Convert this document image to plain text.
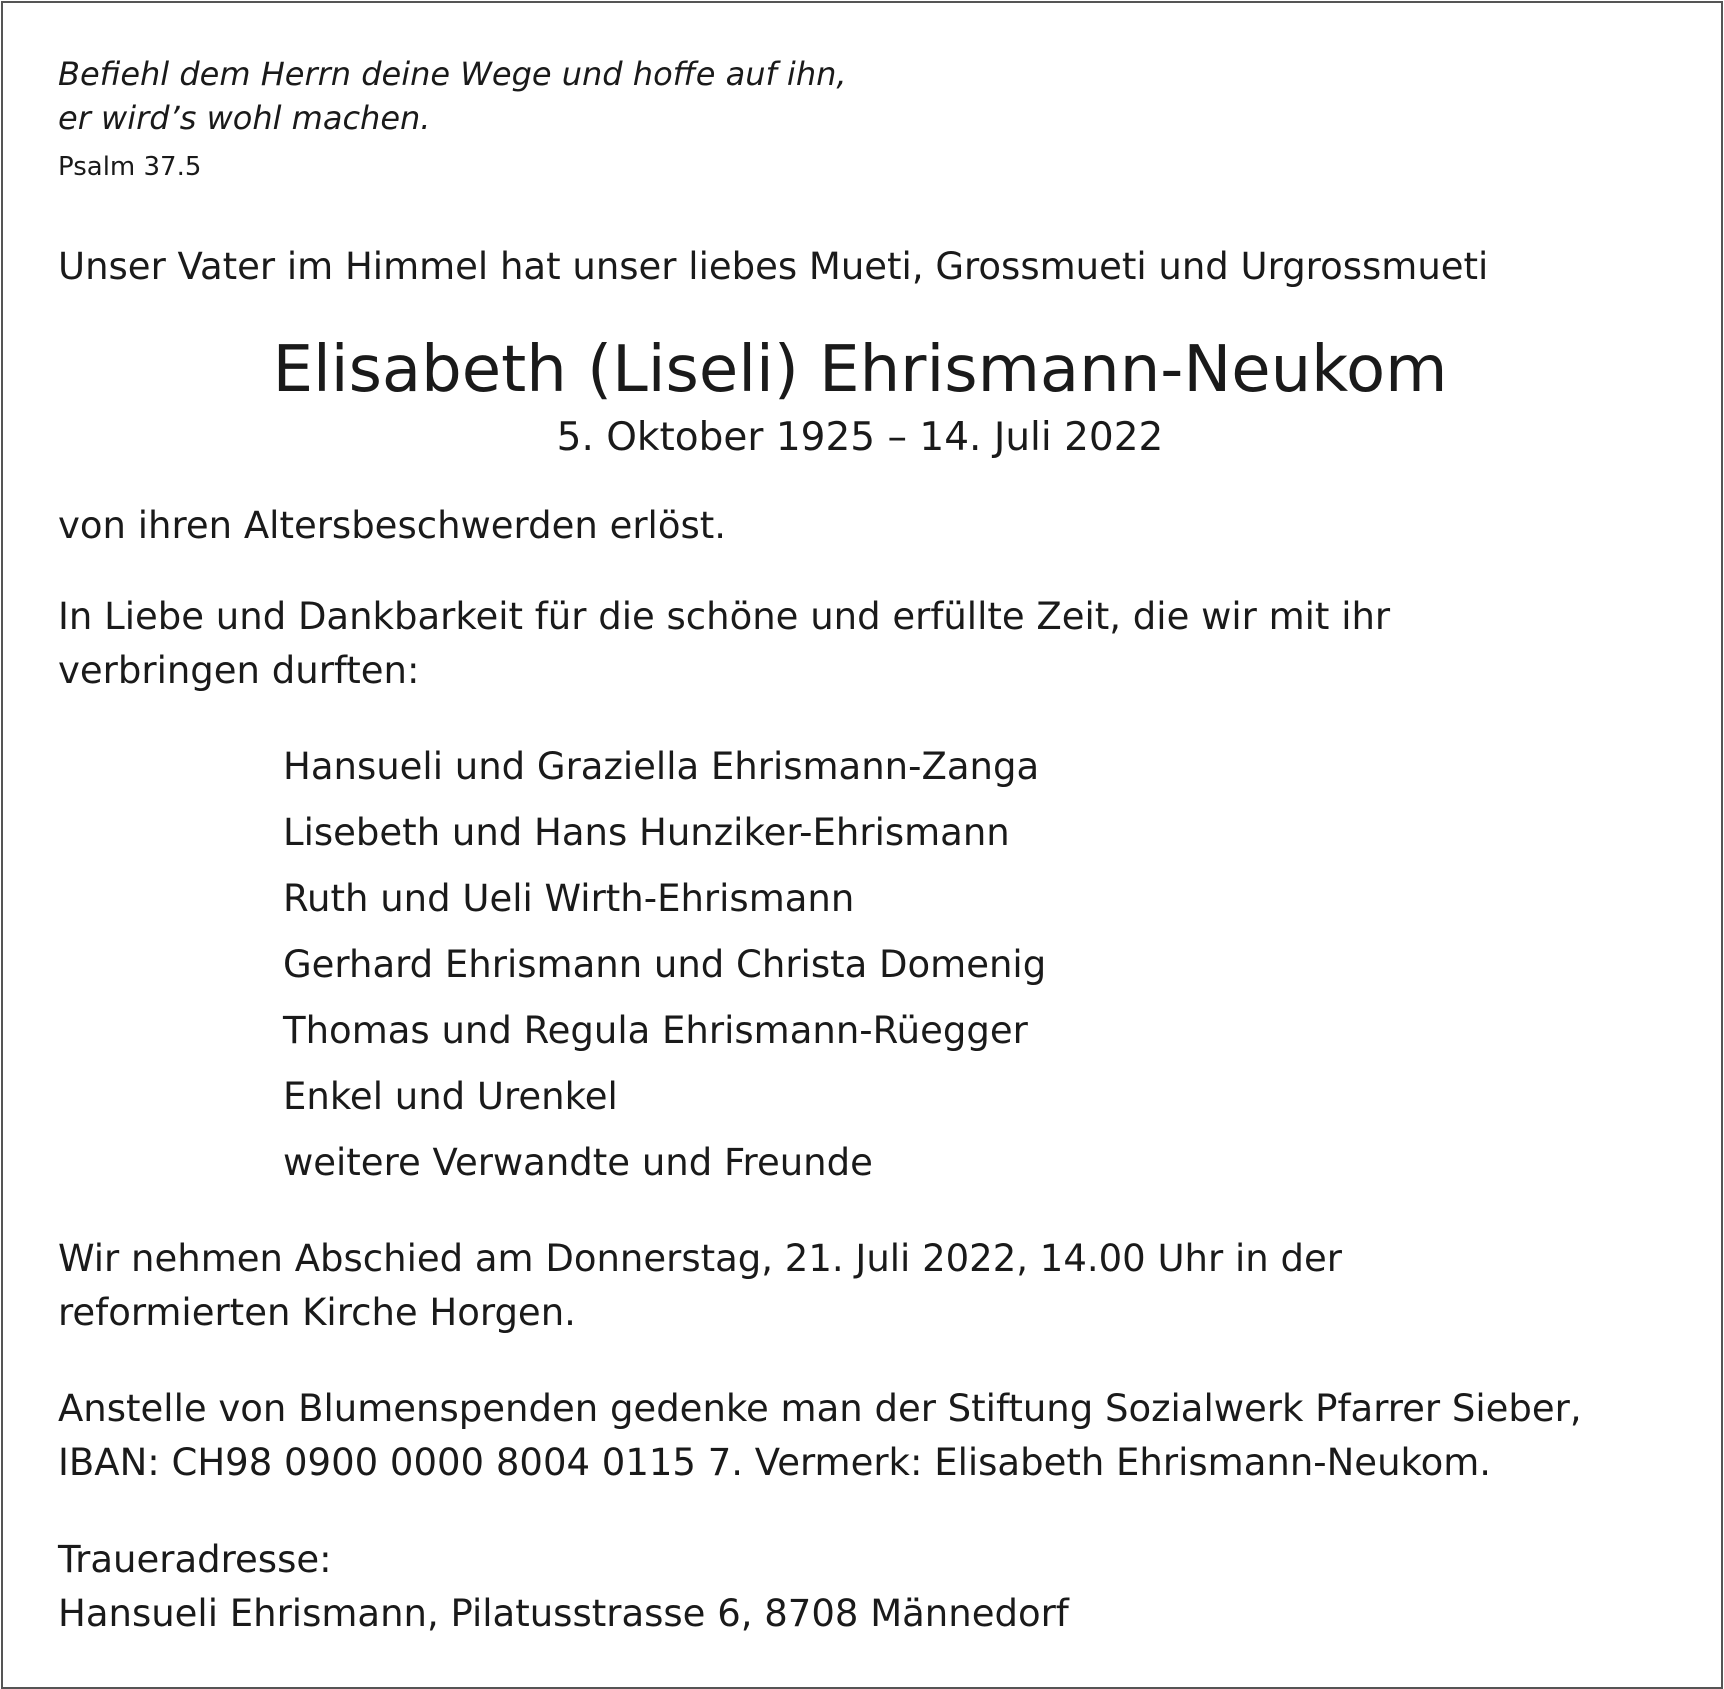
Befiehl dem Herrn deine Wege und hoffe auf ihn,
er wird’s wohl machen.
Psalm 37.5
Unser Vater im Himmel hat unser liebes Mueti, Grossmueti und Urgrossmueti
Elisabeth (Liseli) Ehrismann-Neukom
5. Oktober 1925 – 14. Juli 2022
von ihren Altersbeschwerden erlöst.
In Liebe und Dankbarkeit für die schöne und erfüllte Zeit, die wir mit ihr
verbringen durften:
Hansueli und Graziella Ehrismann-Zanga
Lisebeth und Hans Hunziker-Ehrismann
Ruth und Ueli Wirth-Ehrismann
Gerhard Ehrismann und Christa Domenig
Thomas und Regula Ehrismann-Rüegger
Enkel und Urenkel
weitere Verwandte und Freunde
Wir nehmen Abschied am Donnerstag, 21. Juli 2022, 14.00 Uhr in der
reformierten Kirche Horgen.
Anstelle von Blumenspenden gedenke man der Stiftung Sozialwerk Pfarrer Sieber,
IBAN: CH98 0900 0000 8004 0115 7. Vermerk: Elisabeth Ehrismann-Neukom.
Traueradresse:
Hansueli Ehrismann, Pilatusstrasse 6, 8708 Männedorf
